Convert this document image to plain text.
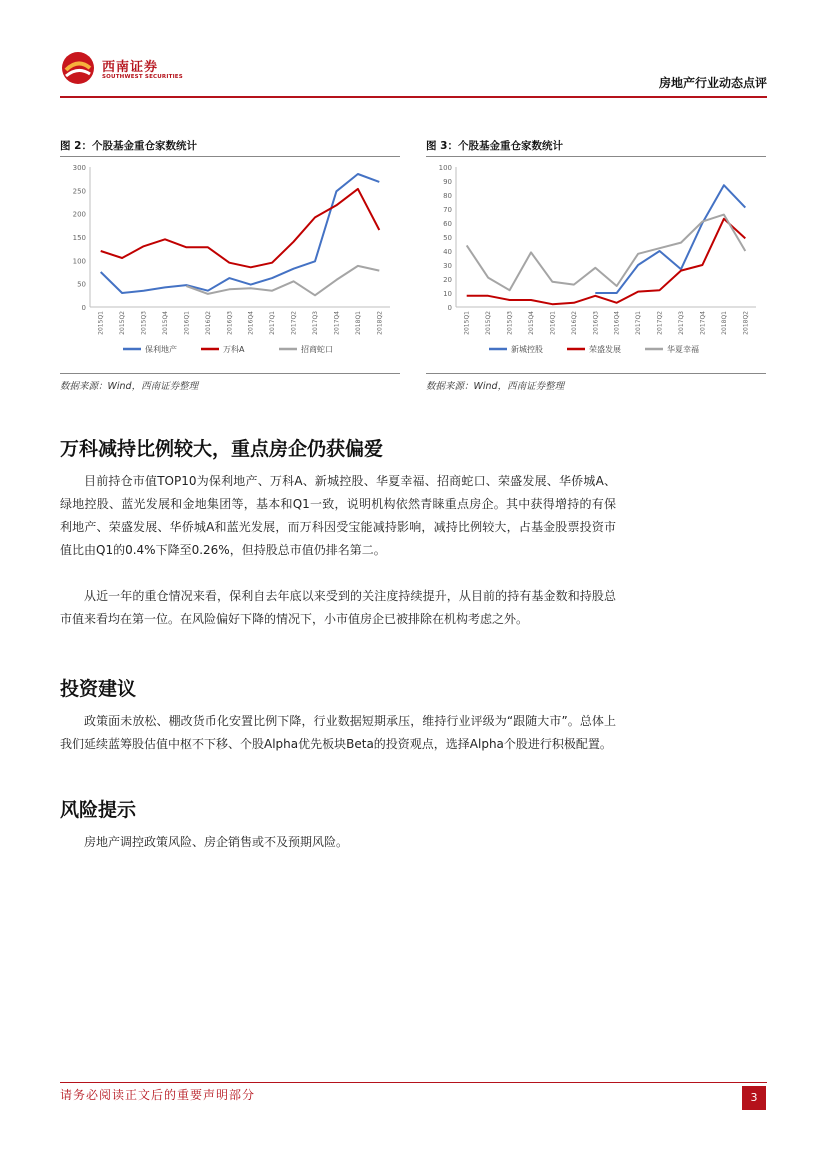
西南证券
SOUTHWEST SECURITIES	房地产行业动态点评
图 2：个股基金重仓家数统计
0
50
100
150
200
250
300
2015Q1 2015Q2 2015Q3 2015Q4 2016Q1 2016Q2 2016Q3 2016Q4 2017Q1 2017Q2 2017Q3 2017Q4 2018Q1 2018Q2
保利地产	万科A	招商蛇口
数据来源：Wind，西南证券整理
图 3：个股基金重仓家数统计
0
10
20
30
40
50
60
70
80
90
100
2015Q1 2015Q2 2015Q3 2015Q4 2016Q1 2016Q2 2016Q3 2016Q4 2017Q1 2017Q2 2017Q3 2017Q4 2018Q1 2018Q2
新城控股	荣盛发展	华夏幸福
数据来源：Wind，西南证券整理
万科减持比例较大，重点房企仍获偏爱
目前持仓市值TOP10为保利地产、万科A、新城控股、华夏幸福、招商蛇口、荣盛发展、华侨城A、绿地控股、蓝光发展和金地集团等，基本和Q1一致，说明机构依然青睐重点房企。其中获得增持的有保利地产、荣盛发展、华侨城A和蓝光发展，而万科因受宝能减持影响，减持比例较大，占基金股票投资市值比由Q1的0.4%下降至0.26%，但持股总市值仍排名第二。
从近一年的重仓情况来看，保利自去年底以来受到的关注度持续提升，从目前的持有基金数和持股总市值来看均在第一位。在风险偏好下降的情况下，小市值房企已被排除在机构考虑之外。
投资建议
政策面未放松、棚改货币化安置比例下降，行业数据短期承压，维持行业评级为“跟随大市”。总体上我们延续蓝筹股估值中枢不下移、个股Alpha优先板块Beta的投资观点，选择Alpha个股进行积极配置。
风险提示
房地产调控政策风险、房企销售或不及预期风险。
请务必阅读正文后的重要声明部分	3
